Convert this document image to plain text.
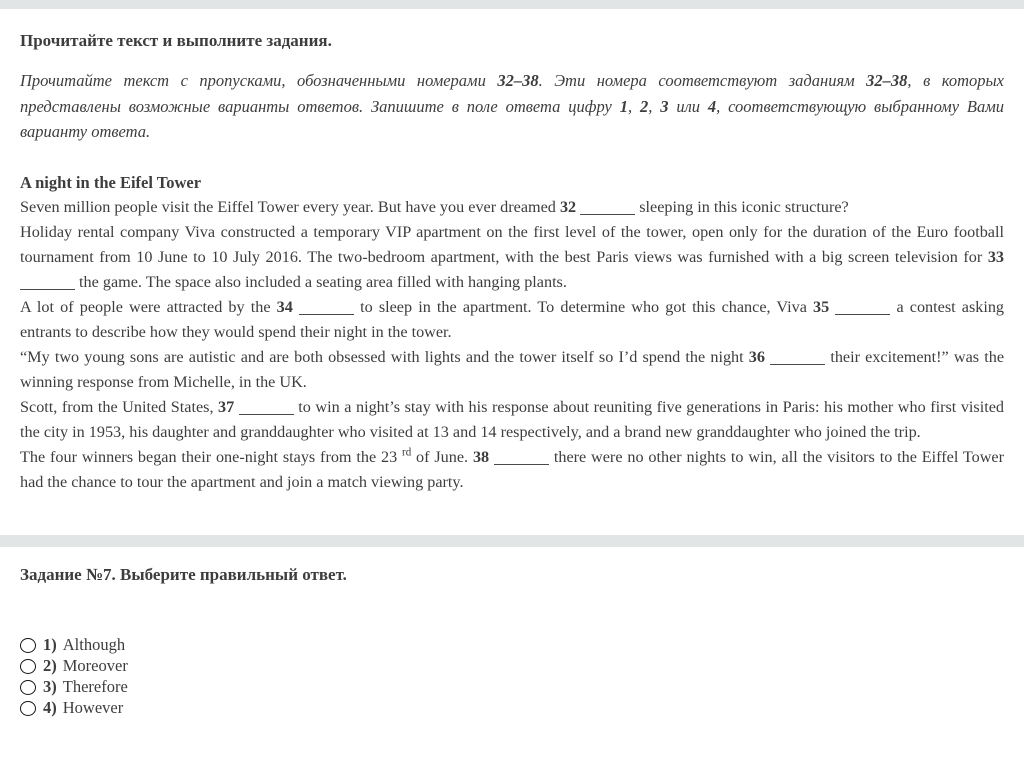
Прочитайте текст и выполните задания.

Прочитайте текст с пропусками, обозначенными номерами 32–38. Эти номера соответствуют заданиям 32–38, в которых представлены возможные варианты ответов. Запишите в поле ответа цифру 1, 2, 3 или 4, соответствующую выбранному Вами варианту ответа.

A night in the Eifel Tower

Seven million people visit the Eiffel Tower every year. But have you ever dreamed 32	sleeping in this iconic structure?

Holiday rental company Viva constructed a temporary VIP apartment on the first level of the tower, open only for the duration of the Euro football tournament from 10 June to 10 July 2016. The two-bedroom apartment, with the best Paris views was furnished with a big screen television for 33  the game. The space also included a seating area filled with hanging plants.

A lot of people were attracted by the 34	to sleep in the apartment. To determine who got this chance, Viva 35	a contest asking entrants to describe how they would spend their night in the tower.

“My two young sons are autistic and are both obsessed with lights and the tower itself so I’d spend the night 36	their excitement!” was the winning response from Michelle, in the UK.

Scott, from the United States, 37	to win a night’s stay with his response about reuniting five generations in Paris: his mother who first visited the city in 1953, his daughter and granddaughter who visited at 13 and 14 respectively, and a brand new granddaughter who joined the trip.

The four winners began their one-night stays from the 23 $^{rd}$ of June. 38	there were no other nights to win, all the visitors to the Eiffel Tower had the chance to tour the apartment and join a match viewing party.

Задание №7. Выберите правильный ответ.
1) Although
2) Moreover
3) Therefore
4) However
